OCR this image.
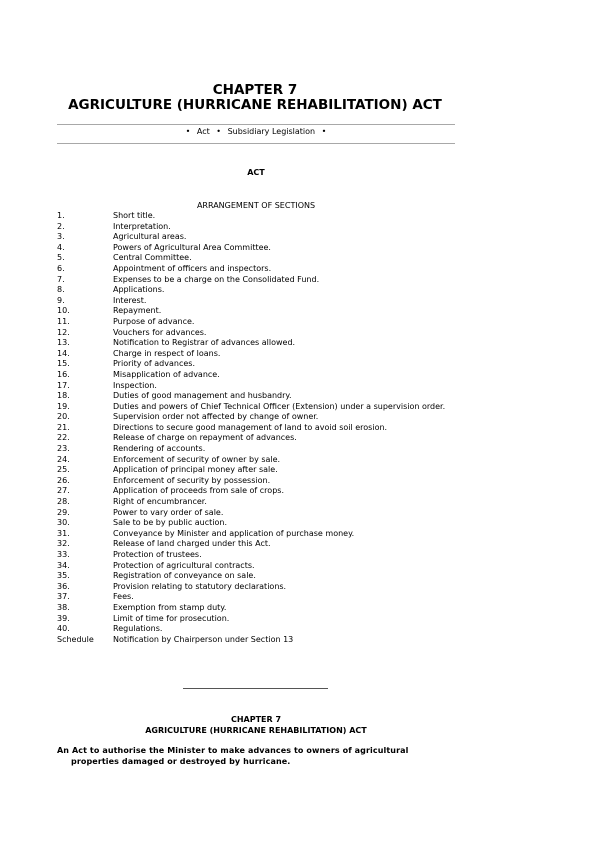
CHAPTER 7
AGRICULTURE (HURRICANE REHABILITATION) ACT
• Act • Subsidiary Legislation •
ACT
ARRANGEMENT OF SECTIONS
1.	Short title.
2.	Interpretation.
3.	Agricultural areas.
4.	Powers of Agricultural Area Committee.
5.	Central Committee.
6.	Appointment of officers and inspectors.
7.	Expenses to be a charge on the Consolidated Fund.
8.	Applications.
9.	Interest.
10.	Repayment.
11.	Purpose of advance.
12.	Vouchers for advances.
13.	Notification to Registrar of advances allowed.
14.	Charge in respect of loans.
15.	Priority of advances.
16.	Misapplication of advance.
17.	Inspection.
18.	Duties of good management and husbandry.
19.	Duties and powers of Chief Technical Officer (Extension) under a supervision order.
20.	Supervision order not affected by change of owner.
21.	Directions to secure good management of land to avoid soil erosion.
22.	Release of charge on repayment of advances.
23.	Rendering of accounts.
24.	Enforcement of security of owner by sale.
25.	Application of principal money after sale.
26.	Enforcement of security by possession.
27.	Application of proceeds from sale of crops.
28.	Right of encumbrancer.
29.	Power to vary order of sale.
30.	Sale to be by public auction.
31.	Conveyance by Minister and application of purchase money.
32.	Release of land charged under this Act.
33.	Protection of trustees.
34.	Protection of agricultural contracts.
35.	Registration of conveyance on sale.
36.	Provision relating to statutory declarations.
37.	Fees.
38.	Exemption from stamp duty.
39.	Limit of time for prosecution.
40.	Regulations.
Schedule Notification by Chairperson under Section 13
CHAPTER 7
AGRICULTURE (HURRICANE REHABILITATION) ACT
An Act to authorise the Minister to make advances to owners of agricultural properties damaged or destroyed by hurricane.
